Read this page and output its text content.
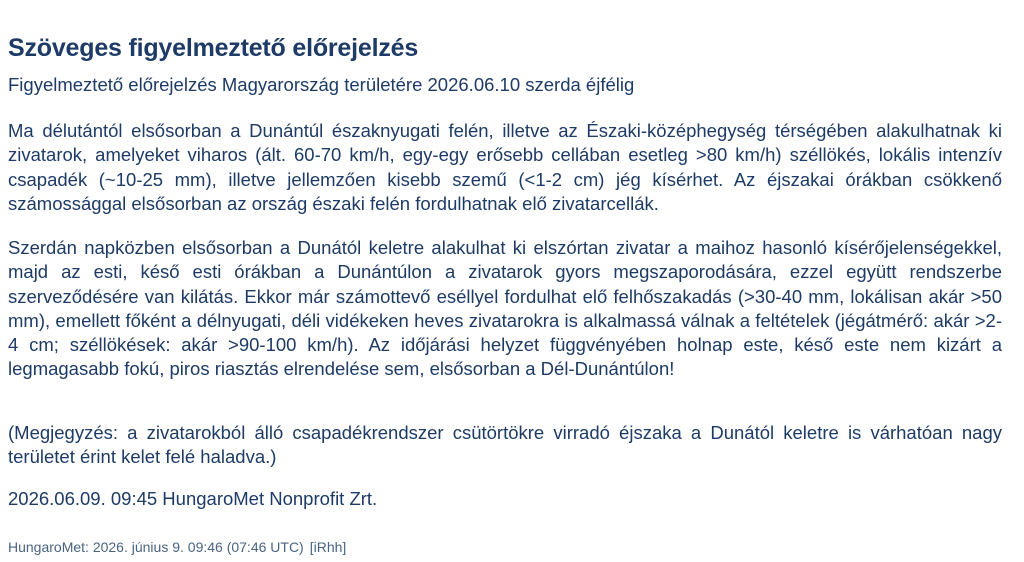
Szöveges figyelmeztető előrejelzés

Figyelmeztető előrejelzés Magyarország területére 2026.06.10 szerda éjfélig

Ma délutántól elsősorban a Dunántúl északnyugati felén, illetve az Északi-középhegység térségében alakulhatnak ki zivatarok, amelyeket viharos (ált. 60-70 km/h, egy-egy erősebb cellában esetleg >80 km/h) széllökés, lokális intenzív csapadék (~10-25 mm), illetve jellemzően kisebb szemű (<1-2 cm) jég kísérhet. Az éjszakai órákban csökkenő számossággal elsősorban az ország északi felén fordulhatnak elő zivatarcellák.

Szerdán napközben elsősorban a Dunától keletre alakulhat ki elszórtan zivatar a maihoz hasonló kísérőjelenségekkel, majd az esti, késő esti órákban a Dunántúlon a zivatarok gyors megszaporodására, ezzel együtt rendszerbe szerveződésére van kilátás. Ekkor már számottevő eséllyel fordulhat elő felhőszakadás (>30-40 mm, lokálisan akár >50 mm), emellett főként a délnyugati, déli vidékeken heves zivatarokra is alkalmassá válnak a feltételek (jégátmérő: akár >2-4 cm; széllökések: akár >90-100 km/h). Az időjárási helyzet függvényében holnap este, késő este nem kizárt a legmagasabb fokú, piros riasztás elrendelése sem, elsősorban a Dél-Dunántúlon!

(Megjegyzés: a zivatarokból álló csapadékrendszer csütörtökre virradó éjszaka a Dunától keletre is várhatóan nagy területet érint kelet felé haladva.)

2026.06.09. 09:45 HungaroMet Nonprofit Zrt.

HungaroMet: 2026. június 9. 09:46 (07:46 UTC) [iRhh]
